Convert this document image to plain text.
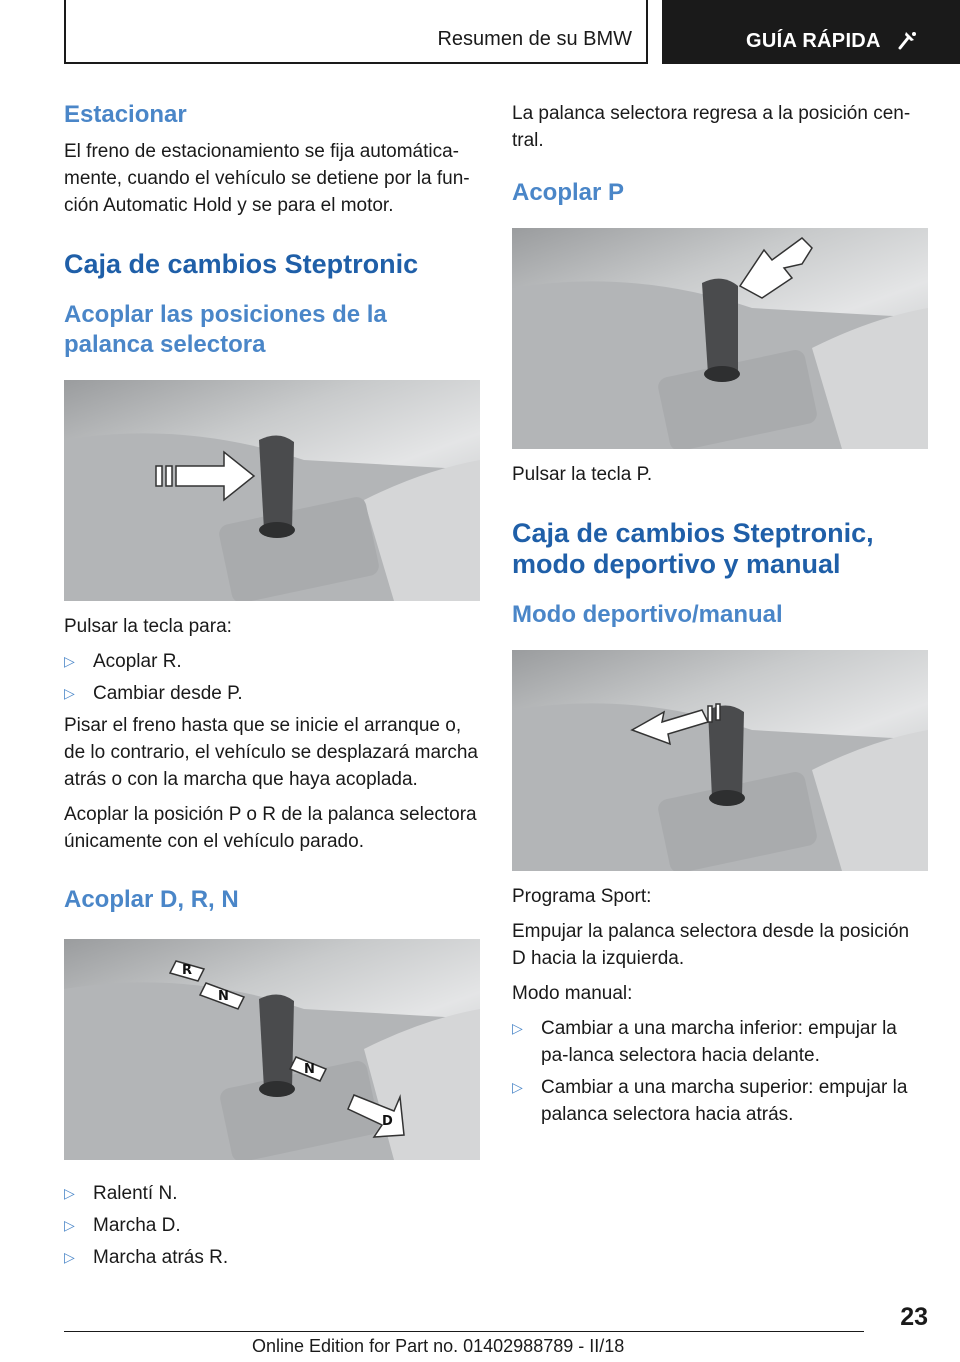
Resumen de su BMW	GUÍA RÁPIDA
Estacionar

El freno de estacionamiento se fija automática-mente, cuando el vehículo se detiene por la fun-ción Automatic Hold y se para el motor.

Caja de cambios Steptronic
Acoplar las posiciones de la palanca selectora

Pulsar la tecla para:

▷ Acoplar R.
▷ Cambiar desde P.

Pisar el freno hasta que se inicie el arranque o, de lo contrario, el vehículo se desplazará marcha atrás o con la marcha que haya acoplada.

Acoplar la posición P o R de la palanca selectora únicamente con el vehículo parado.

Acoplar D, R, N
R
N
N
D
▷ Ralentí N.
▷ Marcha D.
▷ Marcha atrás R.

La palanca selectora regresa a la posición cen-tral.

Acoplar P

Pulsar la tecla P.

Caja de cambios Steptronic, modo deportivo y manual
Modo deportivo/manual

Programa Sport:

Empujar la palanca selectora desde la posición D hacia la izquierda.

Modo manual:

▷ Cambiar a una marcha inferior: empujar la pa-lanca selectora hacia delante.
▷ Cambiar a una marcha superior: empujar la palanca selectora hacia atrás.
23
Online Edition for Part no. 01402988789 - II/18
